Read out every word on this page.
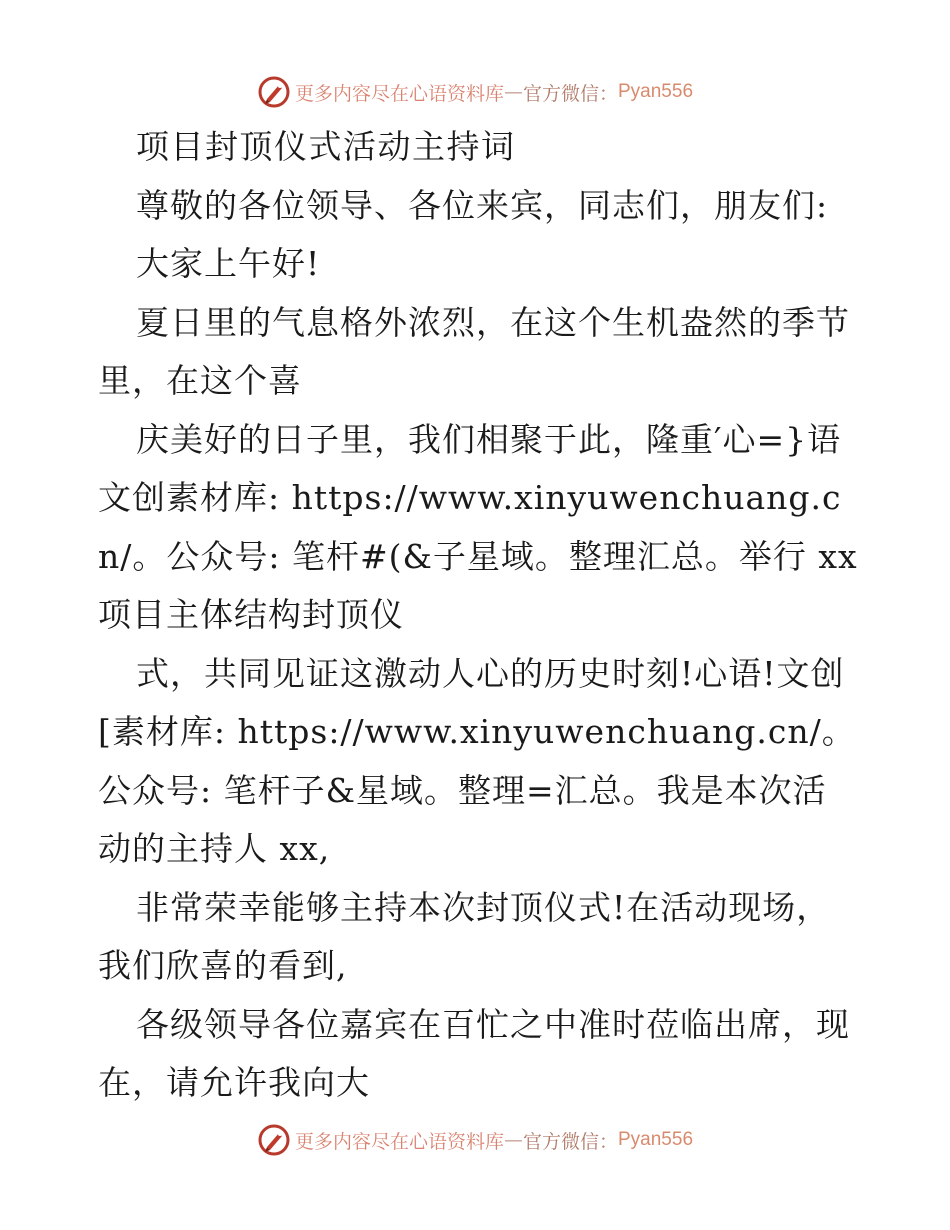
更多内容尽在心语资料库 — 官方微信： Pyan556

项目封顶仪式活动主持词

尊敬的各位领导、各位来宾，同志们，朋友们:

大家上午好!

夏日里的气息格外浓烈，在这个生机盎然的季节里，在这个喜

庆美好的日子里，我们相聚于此，隆重′心=}语文创素材库: https://www.xinyuwenchuang.cn/。公众号: 笔杆#(&子星域。整理汇总。举行 xx 项目主体结构封顶仪

式，共同见证这激动人心的历史时刻!心语!文创[素材库: https://www.xinyuwenchuang.cn/。公众号: 笔杆子&星域。整理=汇总。我是本次活动的主持人 xx,

非常荣幸能够主持本次封顶仪式!在活动现场，我们欣喜的看到,

各级领导各位嘉宾在百忙之中准时莅临出席，现在，请允许我向大

更多内容尽在心语资料库 — 官方微信： Pyan556
